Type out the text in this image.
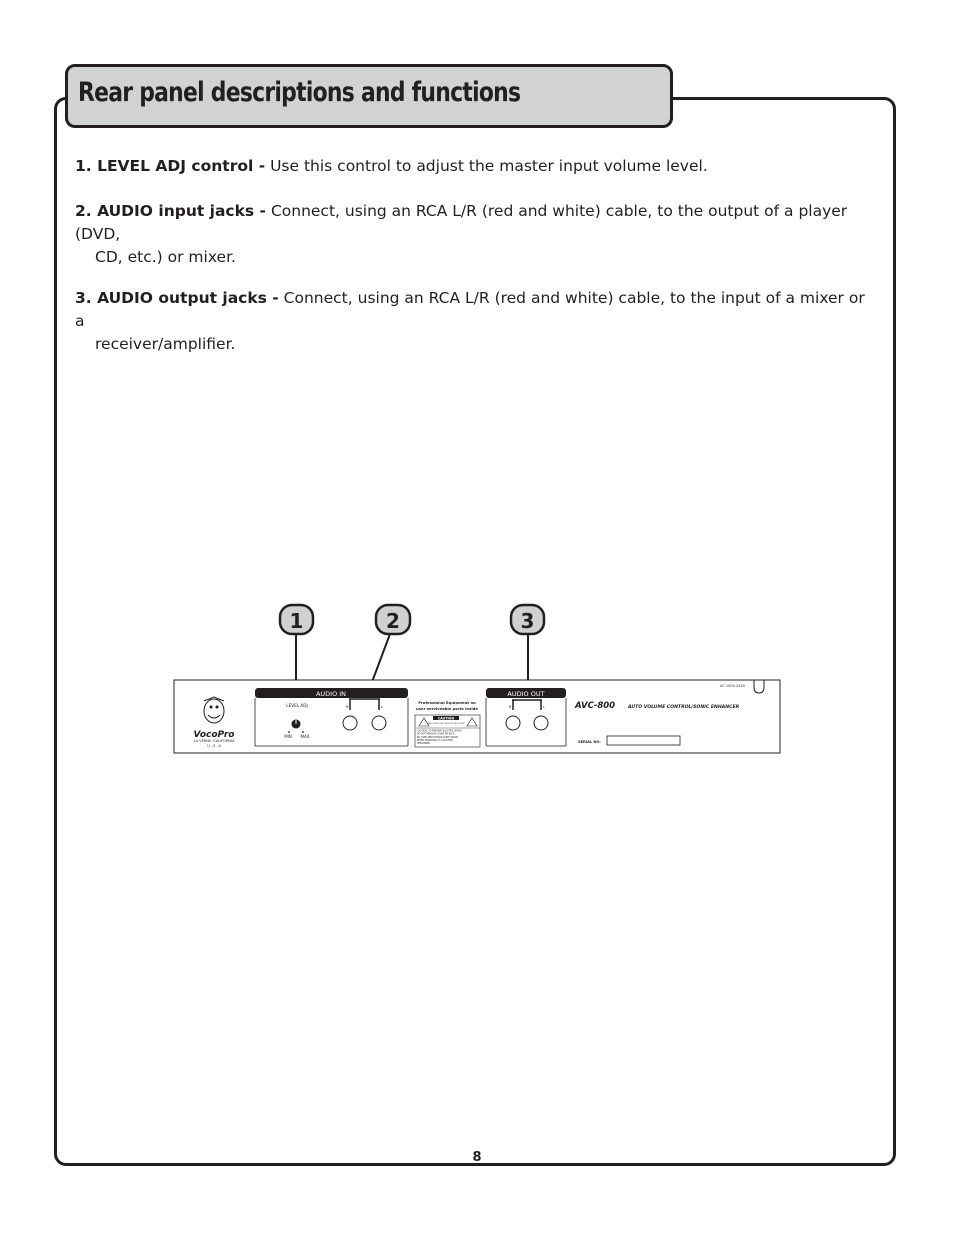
Rear panel descriptions and functions

1. LEVEL ADJ control - Use this control to adjust the master input volume level.

2. AUDIO input jacks - Connect, using an RCA L/R (red and white) cable, to the output of a player (DVD,
CD, etc.) or mixer.

3. AUDIO output jacks - Connect, using an RCA L/R (red and white) cable, to the input of a mixer or a
receiver/amplifier.

1	2	3
VocoPro
LA VERNE, CALIFORNIA
U . S . A
AUDIO IN
LEVEL ADJ
MIN MAX
R	L
Professional Equipment no
user serviceable parts inside
CAUTION
RISK OF ELECTRIC SHOCK DO NOT OPEN
CAUTION: TO PREVENT ELECTRIC SHOCK
DO NOT REMOVE COVER OR BACK.
NO USER SERVICEABLE PARTS INSIDE.
REFER SERVICING TO QUALIFIED
PERSONNEL.
AUDIO OUT
R	L	AVC-800	AUTO VOLUME CONTROL/SONIC ENHANCER
AC 100V-240V
SERIAL NO.
8
